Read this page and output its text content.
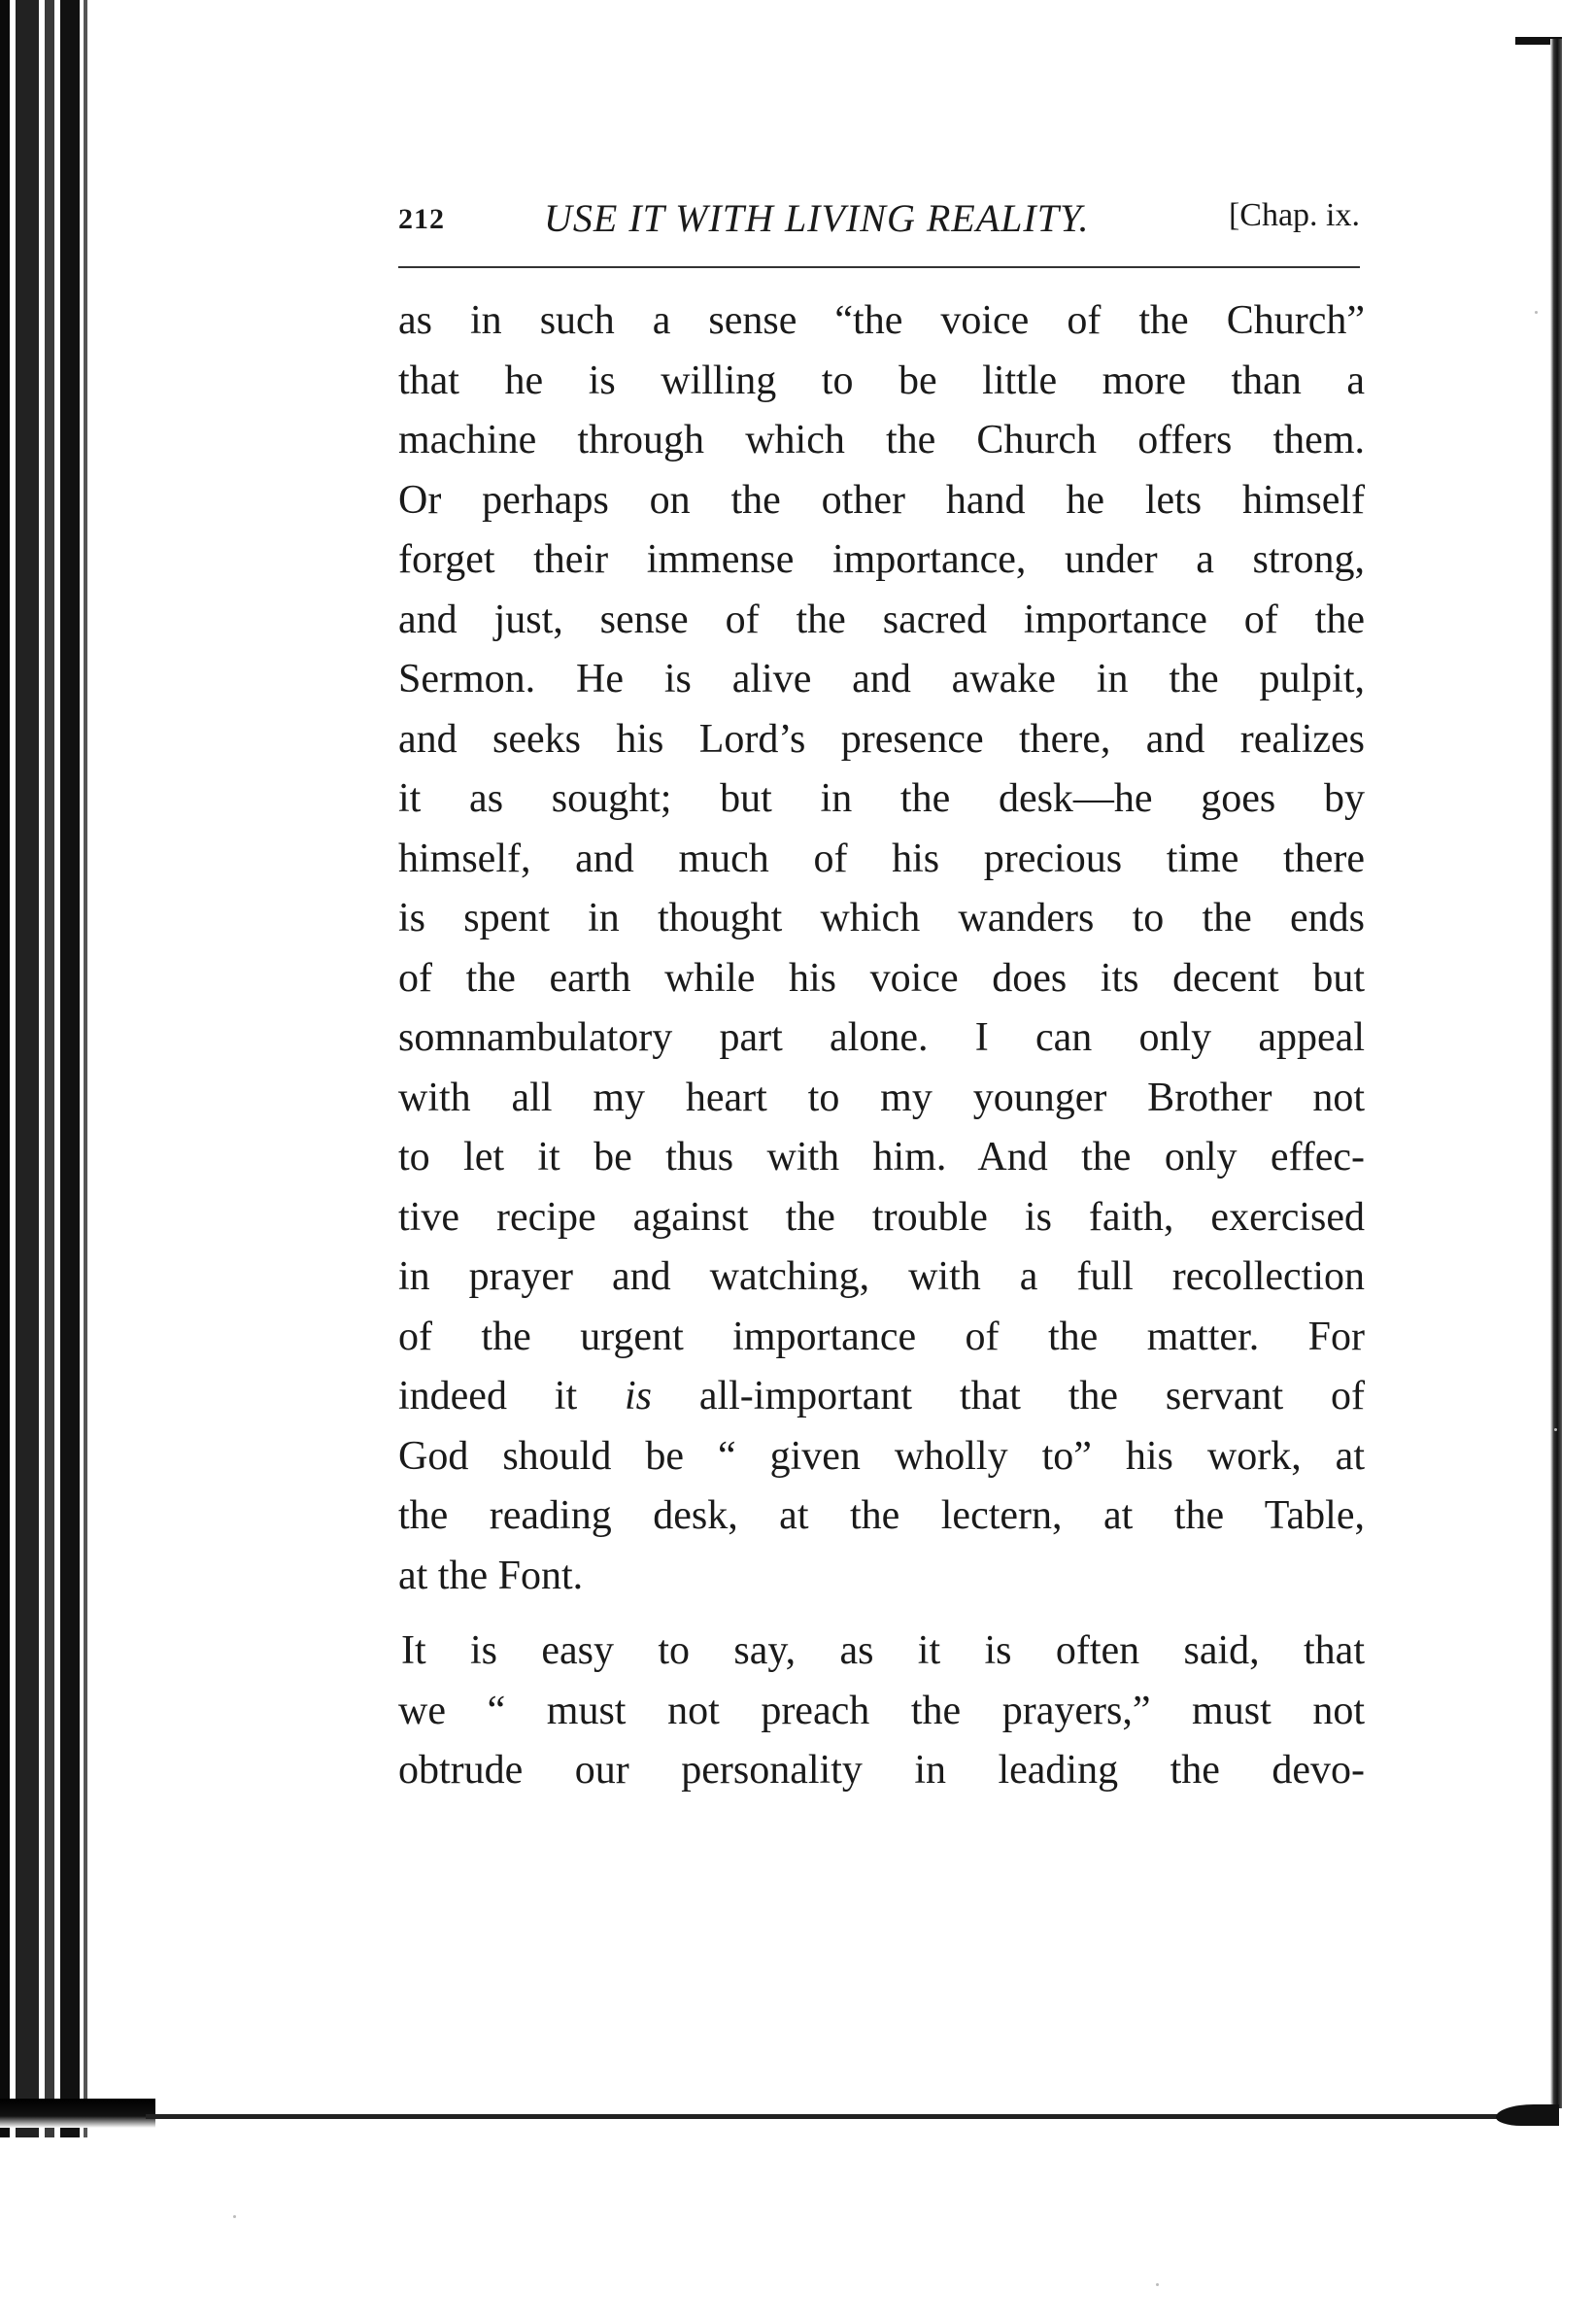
212	USE IT WITH LIVING REALITY.	[Chap. ix.
as in such a sense “the voice of the Church”
that he is willing to be little more than a
machine through which the Church offers them.
Or perhaps on the other hand he lets himself
forget their immense importance, under a strong,
and just, sense of the sacred importance of the
Sermon. He is alive and awake in the pulpit,
and seeks his Lord’s presence there, and realizes
it as sought; but in the desk—he goes by
himself, and much of his precious time there
is spent in thought which wanders to the ends
of the earth while his voice does its decent but
somnambulatory part alone. I can only appeal
with all my heart to my younger Brother not
to let it be thus with him. And the only effec-
tive recipe against the trouble is faith, exercised
in prayer and watching, with a full recollection
of the urgent importance of the matter. For
indeed it is all-important that the servant of
God should be “ given wholly to” his work, at
the reading desk, at the lectern, at the Table,
at the Font.
It is easy to say, as it is often said, that
we “ must not preach the prayers,” must not
obtrude our personality in leading the devo-
